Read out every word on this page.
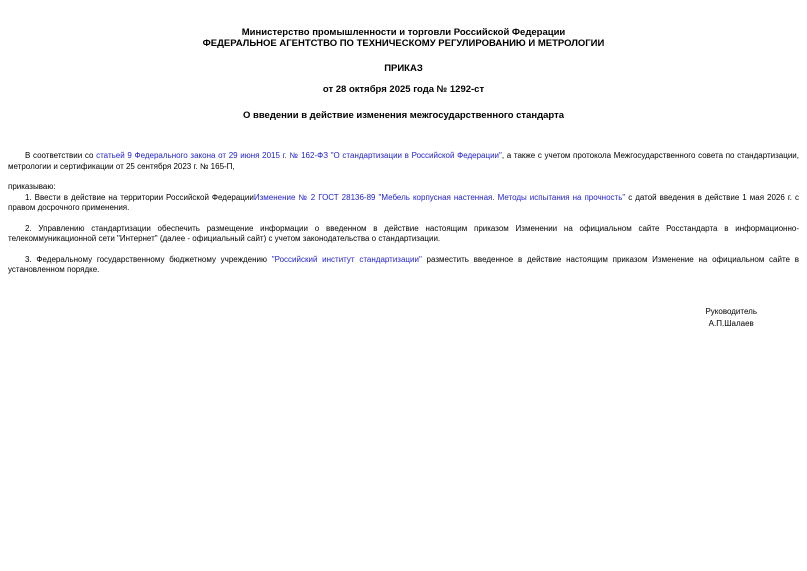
Министерство промышленности и торговли Российской Федерации
ФЕДЕРАЛЬНОЕ АГЕНТСТВО ПО ТЕХНИЧЕСКОМУ РЕГУЛИРОВАНИЮ И МЕТРОЛОГИИ
ПРИКАЗ
от 28 октября 2025 года № 1292-ст
О введении в действие изменения межгосударственного стандарта

В соответствии со статьей 9 Федерального закона от 29 июня 2015 г. № 162-ФЗ "О стандартизации в Российской Федерации", а также с учетом протокола Межгосударственного совета по стандартизации, метрологии и сертификации от 25 сентября 2023 г. № 165-П,

приказываю:

1. Ввести в действие на территории Российской ФедерацииИзменение № 2 ГОСТ 28136-89 "Мебель корпусная настенная. Методы испытания на прочность" с датой введения в действие 1 мая 2026 г. с правом досрочного применения.

2. Управлению стандартизации обеспечить размещение информации о введенном в действие настоящим приказом Изменении на официальном сайте Росстандарта в информационно-телекоммуникационной сети "Интернет" (далее - официальный сайт) с учетом законодательства о стандартизации.

3. Федеральному государственному бюджетному учреждению "Российский институт стандартизации" разместить введенное в действие настоящим приказом Изменение на официальном сайте в установленном порядке.

Руководитель
А.П.Шалаев
